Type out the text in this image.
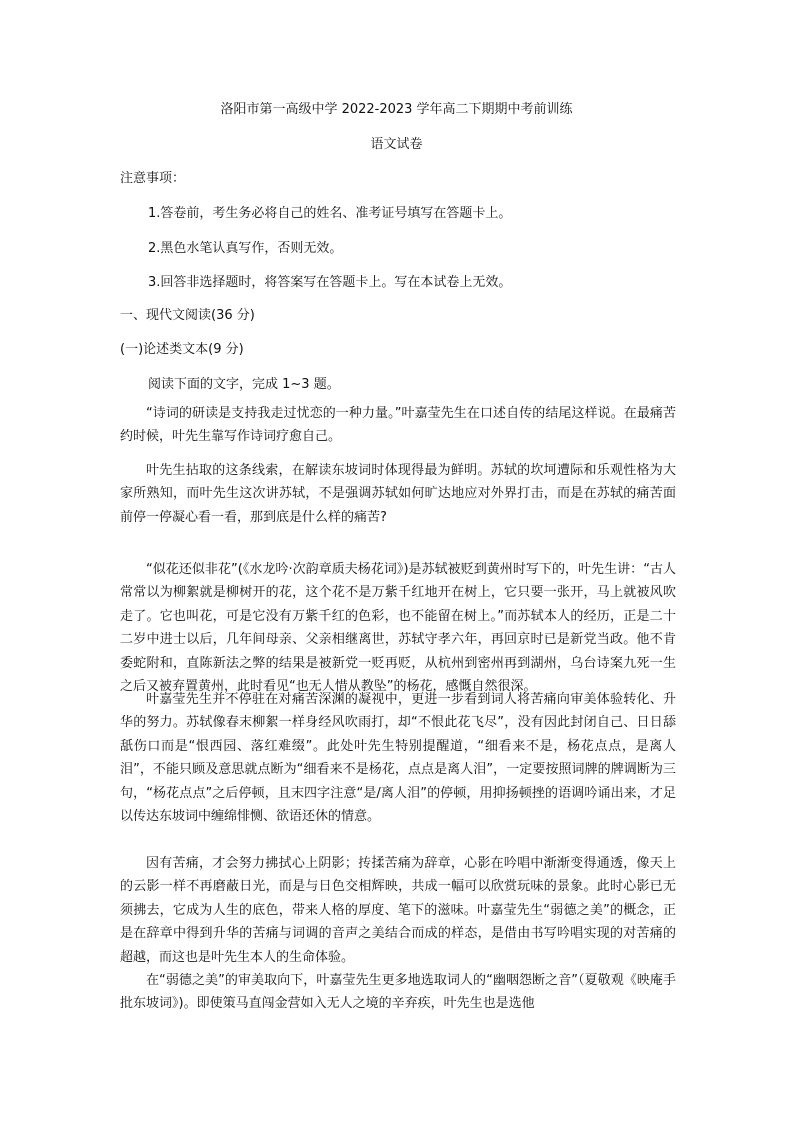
洛阳市第一高级中学 2022-2023 学年高二下期期中考前训练
语文试卷
注意事项：
1.答卷前，考生务必将自己的姓名、准考证号填写在答题卡上。
2.黑色水笔认真写作，否则无效。
3.回答非选择题时，将答案写在答题卡上。写在本试卷上无效。
一、现代文阅读(36 分)
(一)论述类文本(9 分)
阅读下面的文字，完成 1~3 题。

“诗词的研读是支持我走过忧恋的一种力量。”叶嘉莹先生在口述自传的结尾这样说。在最痛苦约时候，叶先生靠写作诗词疗愈自己。

叶先生拈取的这条线索，在解读东坡词时体现得最为鲜明。苏轼的坎坷遭际和乐观性格为大家所熟知，而叶先生这次讲苏轼，不是强调苏轼如何旷达地应对外界打击，而是在苏轼的痛苦面前停一停凝心看一看，那到底是什么样的痛苦?

“似花还似非花”(《水龙吟·次韵章质夫杨花词》)是苏轼被贬到黄州时写下的，叶先生讲：“古人常常以为柳絮就是柳树开的花，这个花不是万紫千红地开在树上，它只要一张开，马上就被风吹走了。它也叫花，可是它没有万紫千红的色彩，也不能留在树上。”而苏轼本人的经历，正是二十二岁中进士以后，几年间母亲、父亲相继离世，苏轼守孝六年，再回京时已是新党当政。他不肯委蛇附和，直陈新法之弊的结果是被新党一贬再贬，从杭州到密州再到湖州，乌台诗案九死一生之后又被弃置黄州，此时看见“也无人惜从教坠”的杨花，感慨自然很深。

叶嘉莹先生并不停驻在对痛苦深渊的凝视中，更进一步看到词人将苦痛向审美体验转化、升华的努力。苏轼像春末柳絮一样身经风吹雨打，却“不恨此花飞尽”，没有因此封闭自己、日日舔舐伤口而是“恨西园、落红难缀”。此处叶先生特别提醒道，“细看来不是，杨花点点，是离人泪”，不能只顾及意思就点断为“细看来不是杨花，点点是离人泪”，一定要按照词牌的牌调断为三句，“杨花点点”之后停顿，且末四字注意“是/离人泪”的停顿，用抑扬顿挫的语调吟诵出来，才足以传达东坡词中缠绵悱恻、欲语还休的情意。

因有苦痛，才会努力拂拭心上阴影；抟揉苦痛为辞章，心影在吟唱中渐渐变得通透，像天上的云影一样不再磨蔽日光，而是与日色交相辉映，共成一幅可以欣赏玩味的景象。此时心影已无须拂去，它成为人生的底色，带来人格的厚度、笔下的滋味。叶嘉莹先生“弱德之美”的概念，正是在辞章中得到升华的苦痛与词调的音声之美结合而成的样态，是借由书写吟唱实现的对苦痛的超越，而这也是叶先生本人的生命体验。

在“弱德之美”的审美取向下，叶嘉莹先生更多地选取词人的“幽咽怨断之音”（夏敬观《映庵手批东坡词》)。即使策马直闯金营如入无人之境的辛弃疾，叶先生也是选他
